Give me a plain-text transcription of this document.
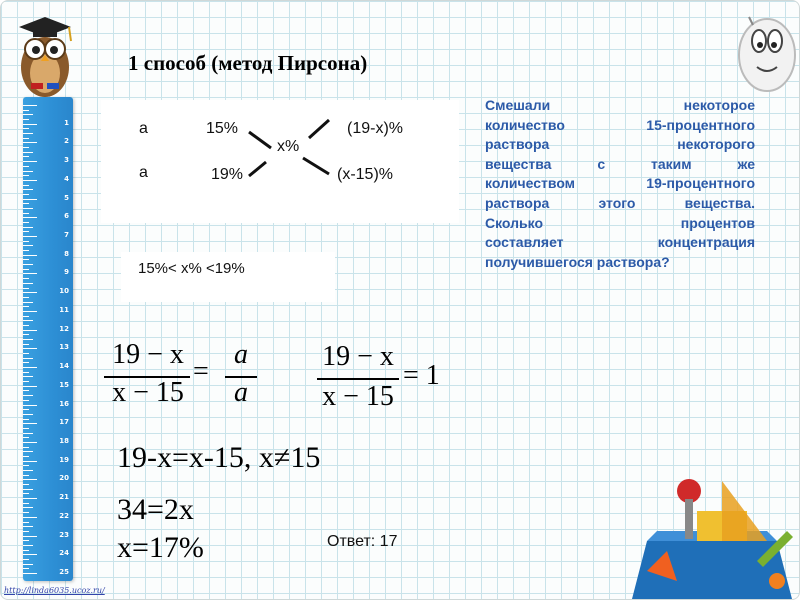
1
2
3
4
5
6
7
8
9
10
11
12
13
14
15
16
17
18
19
20
21
22
23
24
25
1 способ (метод Пирсона)
а	15%	(19-х)%
х%
а	19%	(х-15)%
15%< х% <19%
Смешали некоторое
количество 15-процентного
раствора некоторого
вещества с таким же
количеством 19-процентного
раствора этого вещества.
Сколько процентов
составляет концентрация
получившегося раствора?
19 − x
x − 15
=
a
a
19 − x
x − 15
= 1
19-х=х-15, х≠15
34=2х
х=17%	Ответ: 17
http://linda6035.ucoz.ru/
